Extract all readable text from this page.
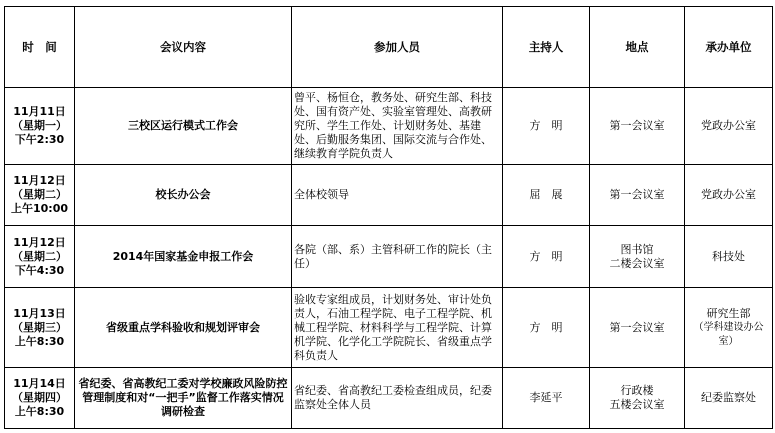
时　间	会议内容	参加人员	主持人	地点	承办单位

11月11日
（星期一）
下午2:30	三校区运行模式工作会	曾平、杨恒仓，教务处、研究生部、科技处、国有资产处、实验室管理处、高教研究所、学生工作处、计划财务处、基建处、后勤服务集团、国际交流与合作处、继续教育学院负责人	方　明	第一会议室	党政办公室

11月12日
（星期二）
上午10:00	校长办公会	全体校领导	屈　展	第一会议室	党政办公室

11月12日
（星期二）
下午4:30	2014年国家基金申报工作会	各院（部、系）主管科研工作的院长（主任）	方　明	图书馆
二楼会议室	科技处

11月13日
（星期三）
上午8:30	省级重点学科验收和规划评审会	验收专家组成员，计划财务处、审计处负责人，石油工程学院、电子工程学院、机械工程学院、材料科学与工程学院、计算机学院、化学化工学院院长、省级重点学科负责人	方　明	第一会议室	研究生部
（学科建设办公室）

11月14日
（星期四）
上午8:30	省纪委、省高教纪工委对学校廉政风险防控管理制度和对“一把手”监督工作落实情况调研检查	省纪委、省高教纪工委检查组成员，纪委监察处全体人员	李延平	行政楼
五楼会议室	纪委监察处
